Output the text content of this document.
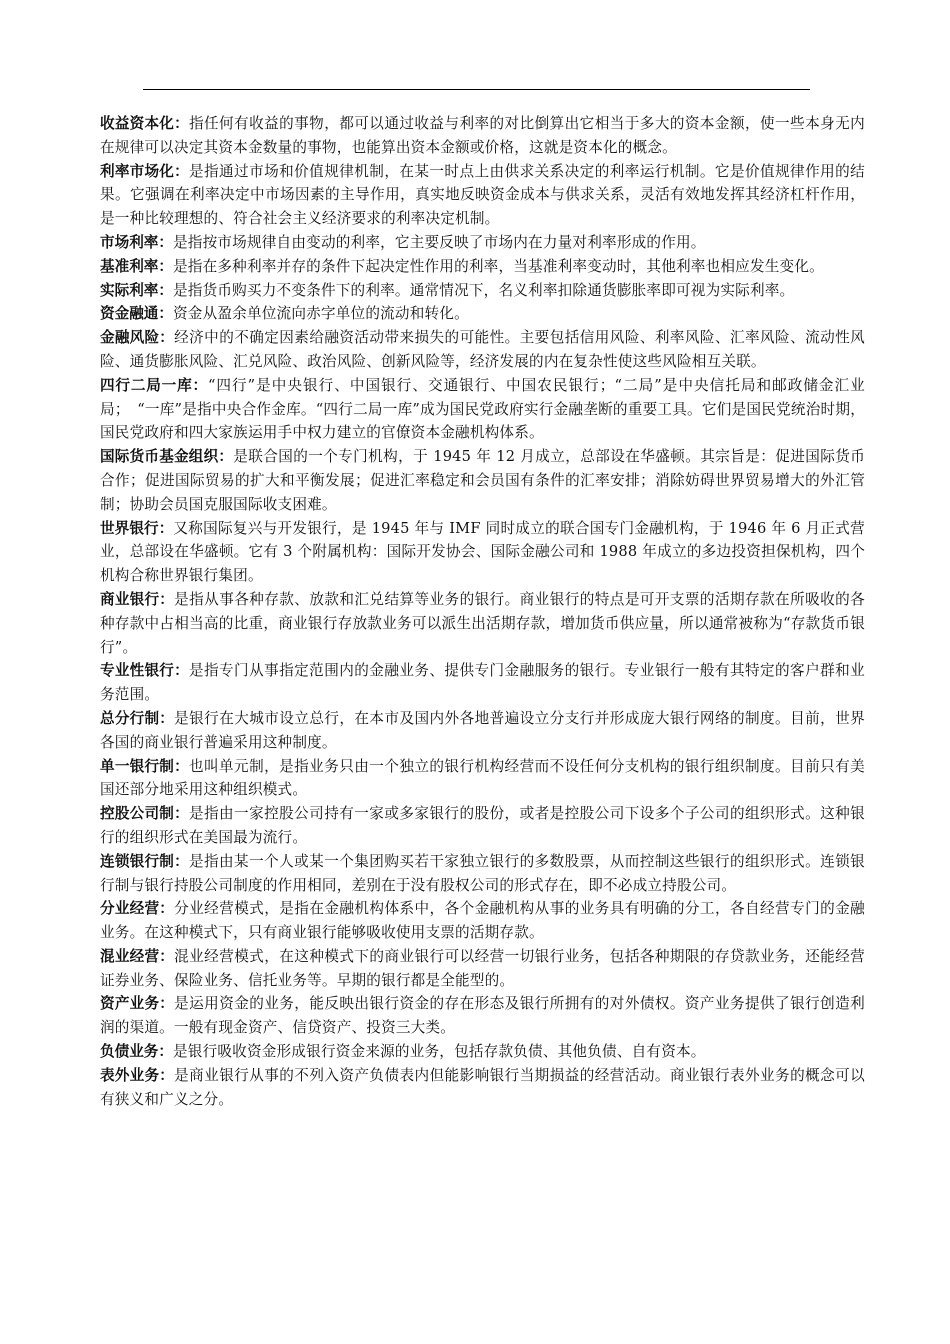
收益资本化：指任何有收益的事物，都可以通过收益与利率的对比倒算出它相当于多大的资本金额，使一些本身无内在规律可以决定其资本金数量的事物，也能算出资本金额或价格，这就是资本化的概念。

利率市场化：是指通过市场和价值规律机制，在某一时点上由供求关系决定的利率运行机制。它是价值规律作用的结果。它强调在利率决定中市场因素的主导作用，真实地反映资金成本与供求关系，灵活有效地发挥其经济杠杆作用，是一种比较理想的、符合社会主义经济要求的利率决定机制。

市场利率：是指按市场规律自由变动的利率，它主要反映了市场内在力量对利率形成的作用。

基准利率：是指在多种利率并存的条件下起决定性作用的利率，当基准利率变动时，其他利率也相应发生变化。

实际利率：是指货币购买力不变条件下的利率。通常情况下，名义利率扣除通货膨胀率即可视为实际利率。

资金融通：资金从盈余单位流向赤字单位的流动和转化。

金融风险：经济中的不确定因素给融资活动带来损失的可能性。主要包括信用风险、利率风险、汇率风险、流动性风险、通货膨胀风险、汇兑风险、政治风险、创新风险等，经济发展的内在复杂性使这些风险相互关联。

四行二局一库：“四行”是中央银行、中国银行、交通银行、中国农民银行；“二局”是中央信托局和邮政储金汇业局；　“一库”是指中央合作金库。“四行二局一库”成为国民党政府实行金融垄断的重要工具。它们是国民党统治时期，国民党政府和四大家族运用手中权力建立的官僚资本金融机构体系。

国际货币基金组织：是联合国的一个专门机构，于 1945 年 12 月成立，总部设在华盛顿。其宗旨是：促进国际货币合作；促进国际贸易的扩大和平衡发展；促进汇率稳定和会员国有条件的汇率安排；消除妨碍世界贸易增大的外汇管制；协助会员国克服国际收支困难。

世界银行：又称国际复兴与开发银行，是 1945 年与 IMF 同时成立的联合国专门金融机构，于 1946 年 6 月正式营业，总部设在华盛顿。它有 3 个附属机构：国际开发协会、国际金融公司和 1988 年成立的多边投资担保机构，四个机构合称世界银行集团。

商业银行：是指从事各种存款、放款和汇兑结算等业务的银行。商业银行的特点是可开支票的活期存款在所吸收的各种存款中占相当高的比重，商业银行存放款业务可以派生出活期存款，增加货币供应量，所以通常被称为“存款货币银行”。

专业性银行：是指专门从事指定范围内的金融业务、提供专门金融服务的银行。专业银行一般有其特定的客户群和业务范围。

总分行制：是银行在大城市设立总行，在本市及国内外各地普遍设立分支行并形成庞大银行网络的制度。目前，世界各国的商业银行普遍采用这种制度。

单一银行制：也叫单元制，是指业务只由一个独立的银行机构经营而不设任何分支机构的银行组织制度。目前只有美国还部分地采用这种组织模式。

控股公司制：是指由一家控股公司持有一家或多家银行的股份，或者是控股公司下设多个子公司的组织形式。这种银行的组织形式在美国最为流行。

连锁银行制：是指由某一个人或某一个集团购买若干家独立银行的多数股票，从而控制这些银行的组织形式。连锁银行制与银行持股公司制度的作用相同，差别在于没有股权公司的形式存在，即不必成立持股公司。

分业经营：分业经营模式，是指在金融机构体系中，各个金融机构从事的业务具有明确的分工，各自经营专门的金融业务。在这种模式下，只有商业银行能够吸收使用支票的活期存款。

混业经营：混业经营模式，在这种模式下的商业银行可以经营一切银行业务，包括各种期限的存贷款业务，还能经营证券业务、保险业务、信托业务等。早期的银行都是全能型的。

资产业务：是运用资金的业务，能反映出银行资金的存在形态及银行所拥有的对外债权。资产业务提供了银行创造利润的渠道。一般有现金资产、信贷资产、投资三大类。

负债业务：是银行吸收资金形成银行资金来源的业务，包括存款负债、其他负债、自有资本。

表外业务：是商业银行从事的不列入资产负债表内但能影响银行当期损益的经营活动。商业银行表外业务的概念可以有狭义和广义之分。
